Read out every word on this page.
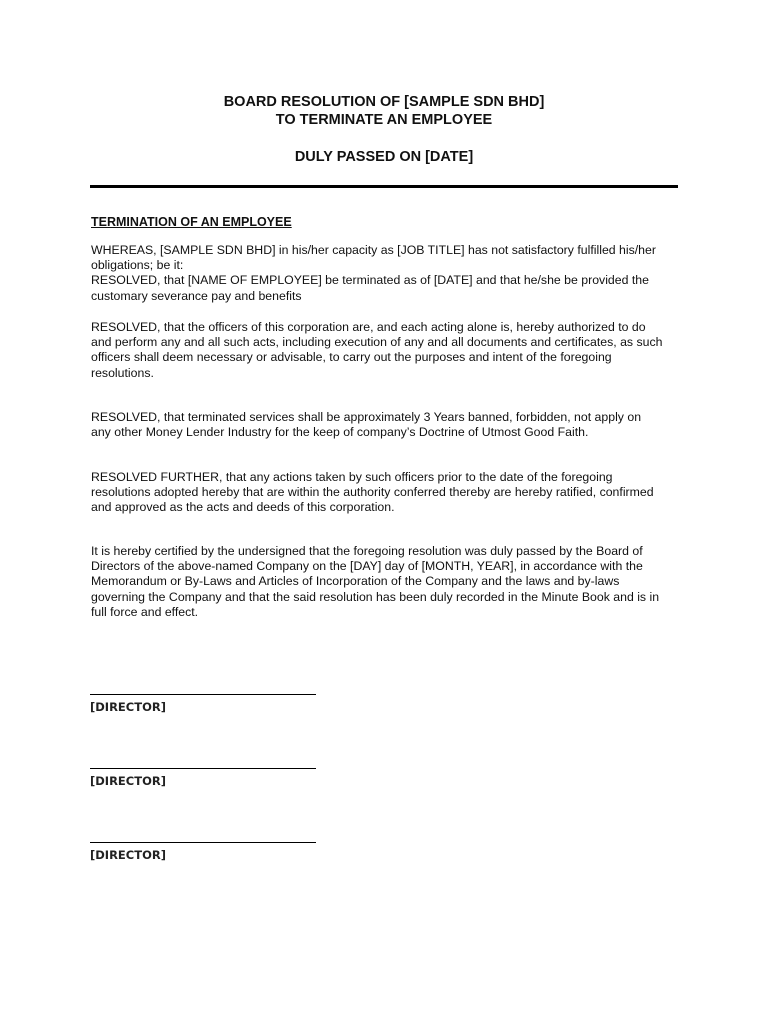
BOARD RESOLUTION OF [SAMPLE SDN BHD]
TO TERMINATE AN EMPLOYEE
DULY PASSED ON [DATE]
TERMINATION OF AN EMPLOYEE
WHEREAS, [SAMPLE SDN BHD] in his/her capacity as [JOB TITLE] has not satisfactory fulfilled his/her
obligations; be it:
RESOLVED, that [NAME OF EMPLOYEE] be terminated as of [DATE] and that he/she be provided the
customary severance pay and benefits
RESOLVED, that the officers of this corporation are, and each acting alone is, hereby authorized to do
and perform any and all such acts, including execution of any and all documents and certificates, as such
officers shall deem necessary or advisable, to carry out the purposes and intent of the foregoing
resolutions.
RESOLVED, that terminated services shall be approximately 3 Years banned, forbidden, not apply on
any other Money Lender Industry for the keep of company’s Doctrine of Utmost Good Faith.
RESOLVED FURTHER, that any actions taken by such officers prior to the date of the foregoing
resolutions adopted hereby that are within the authority conferred thereby are hereby ratified, confirmed
and approved as the acts and deeds of this corporation.
It is hereby certified by the undersigned that the foregoing resolution was duly passed by the Board of
Directors of the above-named Company on the [DAY] day of [MONTH, YEAR], in accordance with the
Memorandum or By-Laws and Articles of Incorporation of the Company and the laws and by-laws
governing the Company and that the said resolution has been duly recorded in the Minute Book and is in
full force and effect.
[DIRECTOR]
[DIRECTOR]
[DIRECTOR]
